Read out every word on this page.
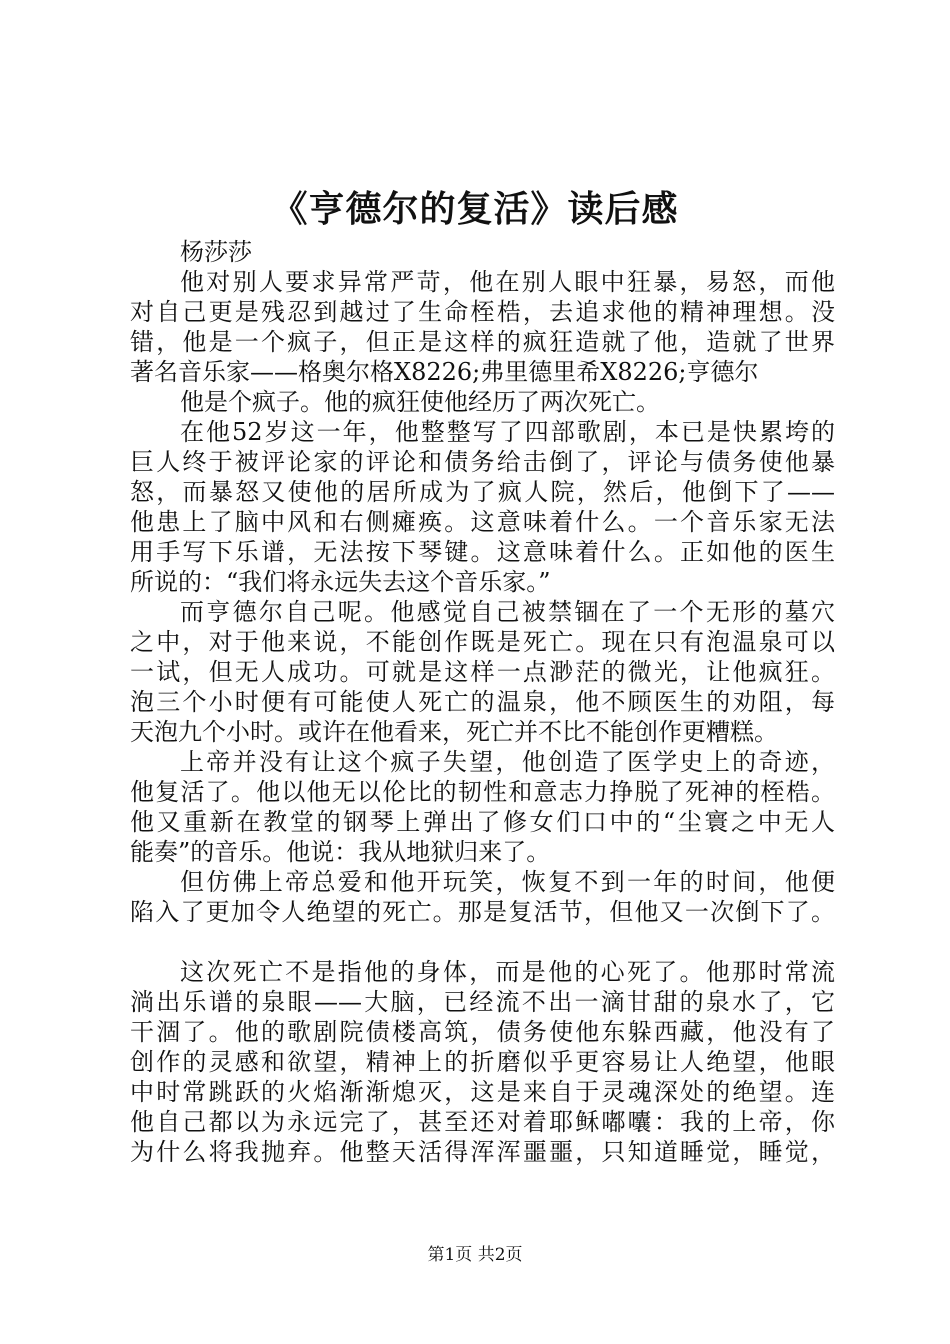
《亨德尔的复活》读后感
杨莎莎
他对别人要求异常严苛，他在别人眼中狂暴，易怒，而他
对自己更是残忍到越过了生命桎梏，去追求他的精神理想。没
错，他是一个疯子，但正是这样的疯狂造就了他，造就了世界
著名音乐家——格奥尔格X8226;弗里德里希X8226;亨德尔
他是个疯子。他的疯狂使他经历了两次死亡。
在他52岁这一年，他整整写了四部歌剧，本已是快累垮的
巨人终于被评论家的评论和债务给击倒了，评论与债务使他暴
怒，而暴怒又使他的居所成为了疯人院，然后，他倒下了——
他患上了脑中风和右侧瘫痪。这意味着什么。一个音乐家无法
用手写下乐谱，无法按下琴键。这意味着什么。正如他的医生
所说的：“我们将永远失去这个音乐家。”
而亨德尔自己呢。他感觉自己被禁锢在了一个无形的墓穴
之中，对于他来说，不能创作既是死亡。现在只有泡温泉可以
一试，但无人成功。可就是这样一点渺茫的微光，让他疯狂。
泡三个小时便有可能使人死亡的温泉，他不顾医生的劝阻，每
天泡九个小时。或许在他看来，死亡并不比不能创作更糟糕。
上帝并没有让这个疯子失望，他创造了医学史上的奇迹，
他复活了。他以他无以伦比的韧性和意志力挣脱了死神的桎梏。
他又重新在教堂的钢琴上弹出了修女们口中的“尘寰之中无人
能奏”的音乐。他说：我从地狱归来了。
但仿佛上帝总爱和他开玩笑，恢复不到一年的时间，他便
陷入了更加令人绝望的死亡。那是复活节，但他又一次倒下了。
这次死亡不是指他的身体，而是他的心死了。他那时常流
淌出乐谱的泉眼——大脑，已经流不出一滴甘甜的泉水了，它
干涸了。他的歌剧院债楼高筑，债务使他东躲西藏，他没有了
创作的灵感和欲望，精神上的折磨似乎更容易让人绝望，他眼
中时常跳跃的火焰渐渐熄灭，这是来自于灵魂深处的绝望。连
他自己都以为永远完了，甚至还对着耶稣嘟囔：我的上帝，你
为什么将我抛弃。他整天活得浑浑噩噩，只知道睡觉，睡觉，
第1页 共2页
